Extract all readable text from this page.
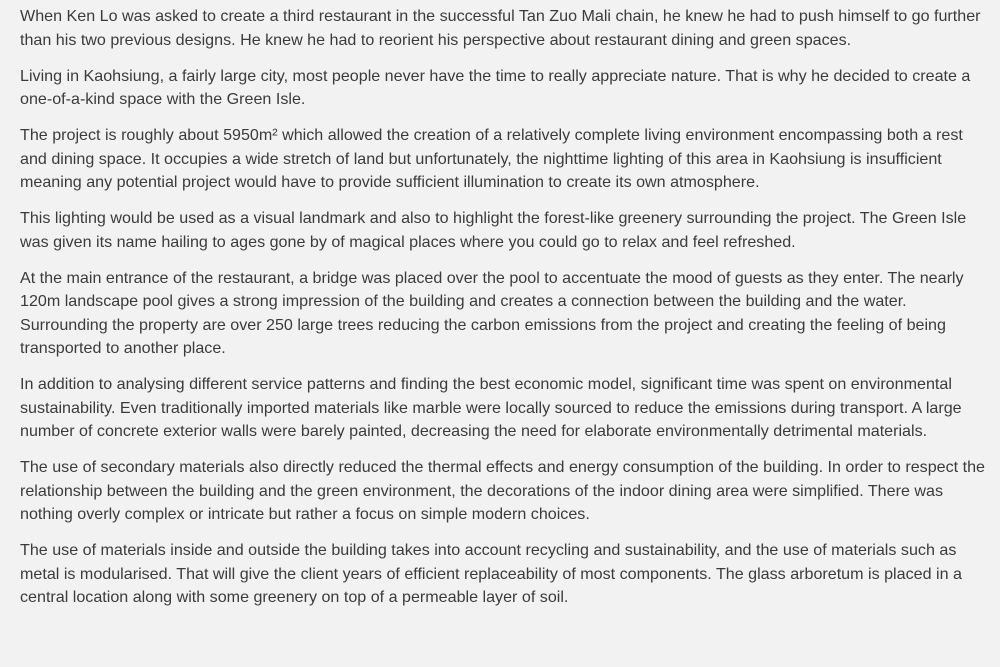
When Ken Lo was asked to create a third restaurant in the successful Tan Zuo Mali chain, he knew he had to push himself to go further than his two previous designs. He knew he had to reorient his perspective about restaurant dining and green spaces.

Living in Kaohsiung, a fairly large city, most people never have the time to really appreciate nature. That is why he decided to create a one-of-a-kind space with the Green Isle.

The project is roughly about 5950m² which allowed the creation of a relatively complete living environment encompassing both a rest and dining space. It occupies a wide stretch of land but unfortunately, the nighttime lighting of this area in Kaohsiung is insufficient meaning any potential project would have to provide sufficient illumination to create its own atmosphere.

This lighting would be used as a visual landmark and also to highlight the forest-like greenery surrounding the project. The Green Isle was given its name hailing to ages gone by of magical places where you could go to relax and feel refreshed.

At the main entrance of the restaurant, a bridge was placed over the pool to accentuate the mood of guests as they enter. The nearly 120m landscape pool gives a strong impression of the building and creates a connection between the building and the water. Surrounding the property are over 250 large trees reducing the carbon emissions from the project and creating the feeling of being transported to another place.

In addition to analysing different service patterns and finding the best economic model, significant time was spent on environmental sustainability. Even traditionally imported materials like marble were locally sourced to reduce the emissions during transport. A large number of concrete exterior walls were barely painted, decreasing the need for elaborate environmentally detrimental materials.

The use of secondary materials also directly reduced the thermal effects and energy consumption of the building. In order to respect the relationship between the building and the green environment, the decorations of the indoor dining area were simplified. There was nothing overly complex or intricate but rather a focus on simple modern choices.

The use of materials inside and outside the building takes into account recycling and sustainability, and the use of materials such as metal is modularised. That will give the client years of efficient replaceability of most components. The glass arboretum is placed in a central location along with some greenery on top of a permeable layer of soil.
